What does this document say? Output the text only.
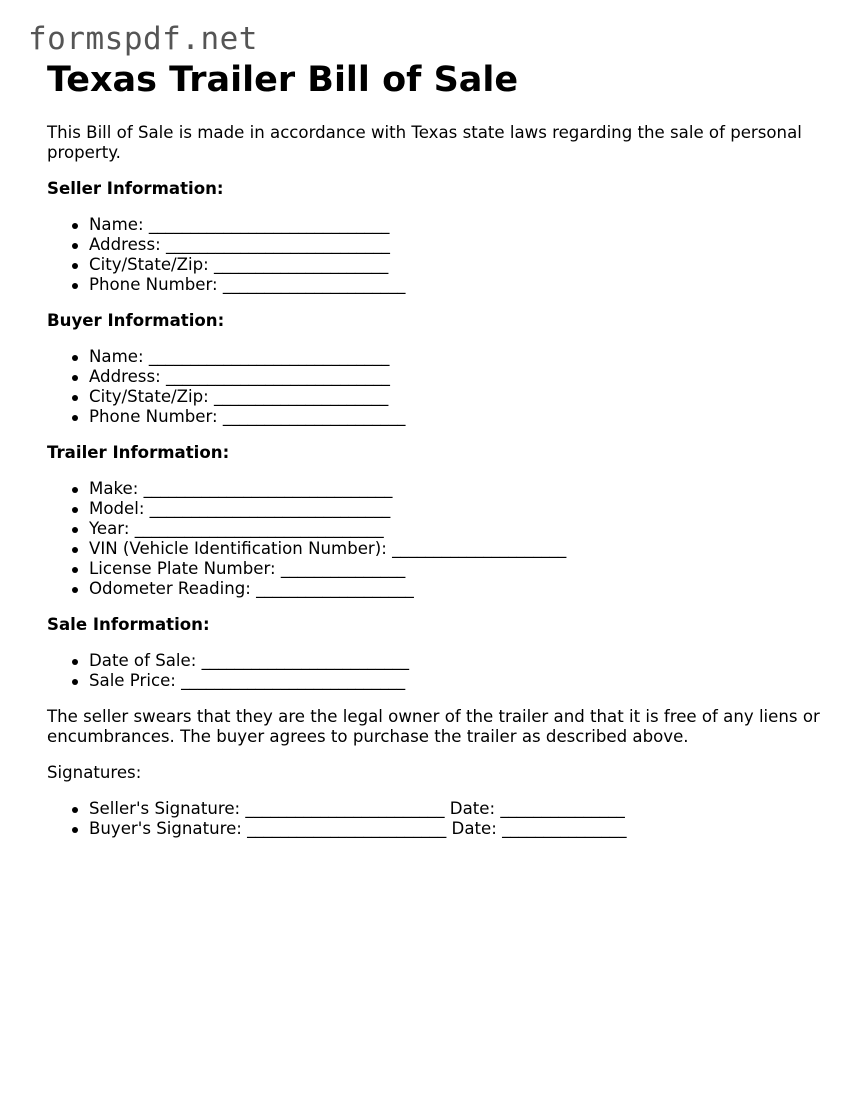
formspdf.net
Texas Trailer Bill of Sale

This Bill of Sale is made in accordance with Texas state laws regarding the sale of personal property.

Seller Information:
Name: _____________________________
Address: ___________________________
City/State/Zip: _____________________
Phone Number: ______________________
Buyer Information:
Name: _____________________________
Address: ___________________________
City/State/Zip: _____________________
Phone Number: ______________________
Trailer Information:
Make: ______________________________
Model: _____________________________
Year: ______________________________
VIN (Vehicle Identification Number): _____________________
License Plate Number: _______________
Odometer Reading: ___________________
Sale Information:
Date of Sale: _________________________
Sale Price: ___________________________

The seller swears that they are the legal owner of the trailer and that it is free of any liens or encumbrances. The buyer agrees to purchase the trailer as described above.

Signatures:

Seller's Signature: ________________________ Date: _______________
Buyer's Signature: ________________________ Date: _______________
